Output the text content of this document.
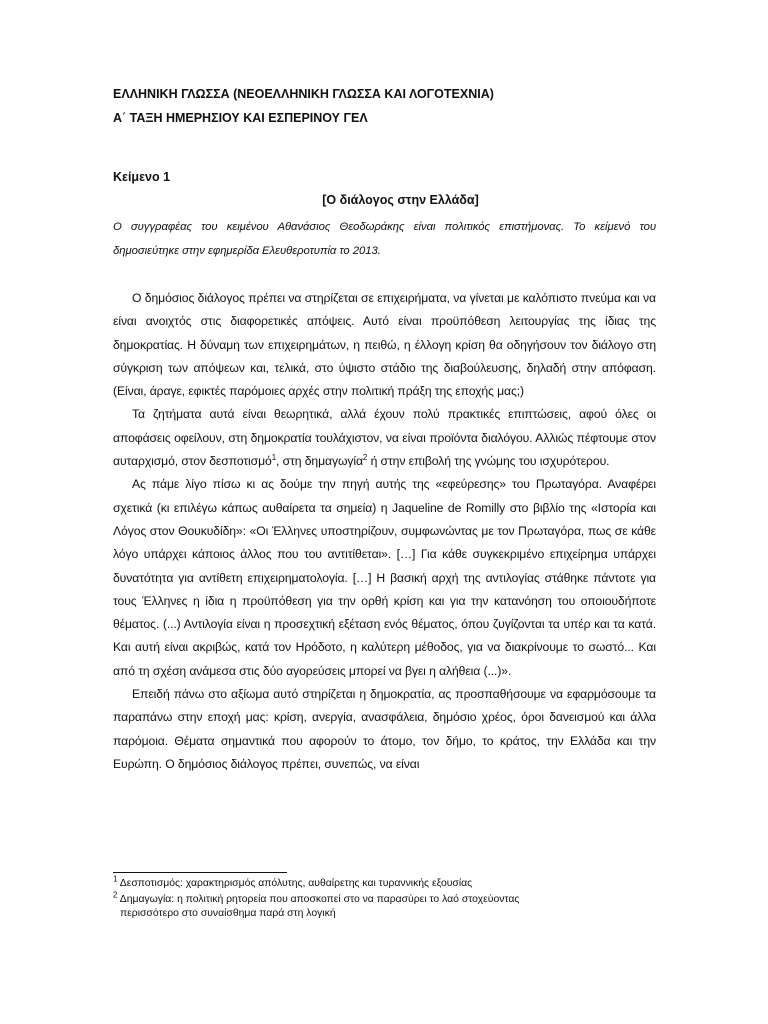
ΕΛΛΗΝΙΚΗ ΓΛΩΣΣΑ (ΝΕΟΕΛΛΗΝΙΚΗ ΓΛΩΣΣΑ ΚΑΙ ΛΟΓΟΤΕΧΝΙΑ)

Α΄ ΤΑΞΗ ΗΜΕΡΗΣΙΟΥ ΚΑΙ ΕΣΠΕΡΙΝΟΥ ΓΕΛ

Κείμενο 1
[Ο διάλογος στην Ελλάδα]
Ο συγγραφέας του κειμένου Αθανάσιος Θεοδωράκης είναι πολιτικός επιστήμονας. Το κείμενό του δημοσιεύτηκε στην εφημερίδα Ελευθεροτυπία το 2013.

Ο δημόσιος διάλογος πρέπει να στηρίζεται σε επιχειρήματα, να γίνεται με καλόπιστο πνεύμα και να είναι ανοιχτός στις διαφορετικές απόψεις. Αυτό είναι προϋπόθεση λειτουργίας της ίδιας της δημοκρατίας. Η δύναμη των επιχειρημάτων, η πειθώ, η έλλογη κρίση θα οδηγήσουν τον διάλογο στη σύγκριση των απόψεων και, τελικά, στο ύψιστο στάδιο της διαβούλευσης, δηλαδή στην απόφαση. (Είναι, άραγε, εφικτές παρόμοιες αρχές στην πολιτική πράξη της εποχής μας;)

Τα ζητήματα αυτά είναι θεωρητικά, αλλά έχουν πολύ πρακτικές επιπτώσεις, αφού όλες οι αποφάσεις οφείλουν, στη δημοκρατία τουλάχιστον, να είναι προϊόντα διαλόγου. Αλλιώς πέφτουμε στον αυταρχισμό, στον δεσποτισμό$^1$, στη δημαγωγία$^2$ ή στην επιβολή της γνώμης του ισχυρότερου.

Ας πάμε λίγο πίσω κι ας δούμε την πηγή αυτής της «εφεύρεσης» του Πρωταγόρα. Αναφέρει σχετικά (κι επιλέγω κάπως αυθαίρετα τα σημεία) η Jaqueline de Romilly στο βιβλίο της «Ιστορία και Λόγος στον Θουκυδίδη»: «Οι Έλληνες υποστηρίζουν, συμφωνώντας με τον Πρωταγόρα, πως σε κάθε λόγο υπάρχει κάποιος άλλος που του αντιτίθεται». […] Για κάθε συγκεκριμένο επιχείρημα υπάρχει δυνατότητα για αντίθετη επιχειρηματολογία. […] Η βασική αρχή της αντιλογίας στάθηκε πάντοτε για τους Έλληνες η ίδια η προϋπόθεση για την ορθή κρίση και για την κατανόηση του οποιουδήποτε θέματος. (...) Αντιλογία είναι η προσεχτική εξέταση ενός θέματος, όπου ζυγίζονται τα υπέρ και τα κατά. Και αυτή είναι ακριβώς, κατά τον Ηρόδοτο, η καλύτερη μέθοδος, για να διακρίνουμε το σωστό... Και από τη σχέση ανάμεσα στις δύο αγορεύσεις μπορεί να βγει η αλήθεια (...)».

Επειδή πάνω στο αξίωμα αυτό στηρίζεται η δημοκρατία, ας προσπαθήσουμε να εφαρμόσουμε τα παραπάνω στην εποχή μας: κρίση, ανεργία, ανασφάλεια, δημόσιο χρέος, όροι δανεισμού και άλλα παρόμοια. Θέματα σημαντικά που αφορούν το άτομο, τον δήμο, το κράτος, την Ελλάδα και την Ευρώπη. Ο δημόσιος διάλογος πρέπει, συνεπώς, να είναι

$^1$ Δεσποτισμός: χαρακτηρισμός απόλυτης, αυθαίρετης και τυραννικής εξουσίας

$^2$ Δημαγωγία: η πολιτική ρητορεία που αποσκοπεί στο να παρασύρει το λαό στοχεύοντας
περισσότερο στο συναίσθημα παρά στη λογική
